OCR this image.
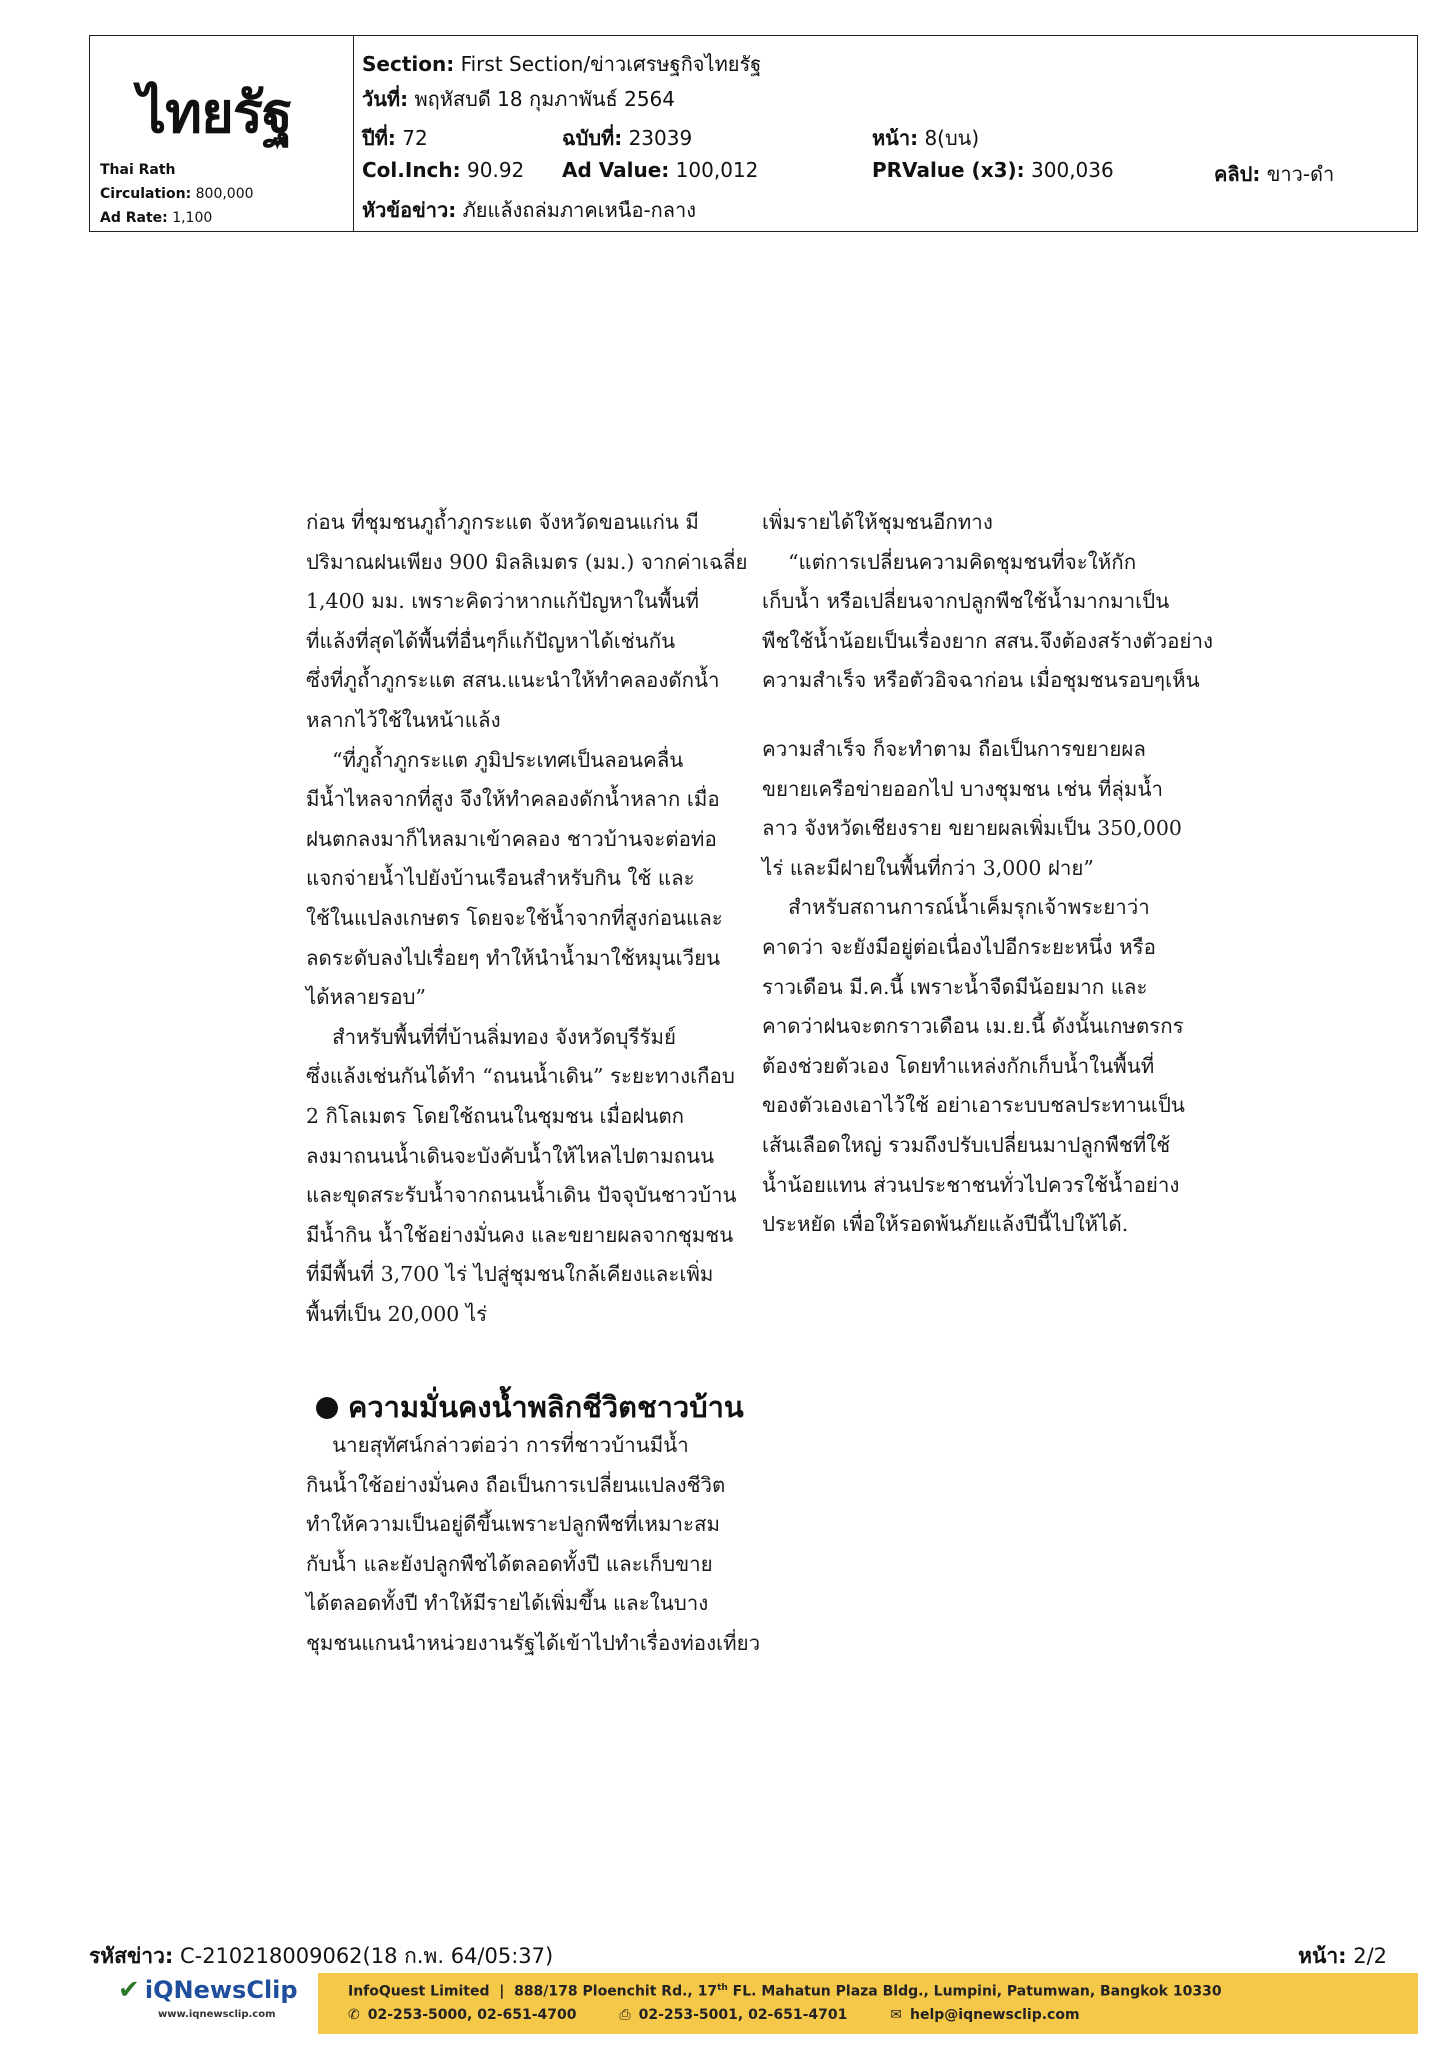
ไทยรัฐ
Thai Rath
Circulation: 800,000
Ad Rate: 1,100
Section: First Section/ข่าวเศรษฐกิจไทยรัฐ
วันที่: พฤหัสบดี 18 กุมภาพันธ์ 2564
ปีที่: 72	ฉบับที่: 23039	หน้า: 8(บน)
Col.Inch: 90.92 Ad Value: 100,012	PRValue (x3): 300,036	คลิป: ขาว-ดำ
หัวข้อข่าว: ภัยแล้งถล่มภาคเหนือ-กลาง
ก่อน ที่ชุมชนภูถ้ำภูกระแต จังหวัดขอนแก่น มี
ปริมาณฝนเพียง 900 มิลลิเมตร (มม.) จากค่าเฉลี่ย
1,400 มม. เพราะคิดว่าหากแก้ปัญหาในพื้นที่
ที่แล้งที่สุดได้พื้นที่อื่นๆก็แก้ปัญหาได้เช่นกัน
ซึ่งที่ภูถ้ำภูกระแต สสน.แนะนำให้ทำคลองดักน้ำ
หลากไว้ใช้ในหน้าแล้ง
“ที่ภูถ้ำภูกระแต ภูมิประเทศเป็นลอนคลื่น
มีน้ำไหลจากที่สูง จึงให้ทำคลองดักน้ำหลาก เมื่อ
ฝนตกลงมาก็ไหลมาเข้าคลอง ชาวบ้านจะต่อท่อ
แจกจ่ายน้ำไปยังบ้านเรือนสำหรับกิน ใช้ และ
ใช้ในแปลงเกษตร โดยจะใช้น้ำจากที่สูงก่อนและ
ลดระดับลงไปเรื่อยๆ ทำให้นำน้ำมาใช้หมุนเวียน
ได้หลายรอบ”
สำหรับพื้นที่ที่บ้านลิ่มทอง จังหวัดบุรีรัมย์
ซึ่งแล้งเช่นกันได้ทำ “ถนนน้ำเดิน” ระยะทางเกือบ
2 กิโลเมตร โดยใช้ถนนในชุมชน เมื่อฝนตก
ลงมาถนนน้ำเดินจะบังคับน้ำให้ไหลไปตามถนน
และขุดสระรับน้ำจากถนนน้ำเดิน ปัจจุบันชาวบ้าน
มีน้ำกิน น้ำใช้อย่างมั่นคง และขยายผลจากชุมชน
ที่มีพื้นที่ 3,700 ไร่ ไปสู่ชุมชนใกล้เคียงและเพิ่ม
พื้นที่เป็น 20,000 ไร่
ความมั่นคงน้ำพลิกชีวิตชาวบ้าน
นายสุทัศน์กล่าวต่อว่า การที่ชาวบ้านมีน้ำ
กินน้ำใช้อย่างมั่นคง ถือเป็นการเปลี่ยนแปลงชีวิต
ทำให้ความเป็นอยู่ดีขึ้นเพราะปลูกพืชที่เหมาะสม
กับน้ำ และยังปลูกพืชได้ตลอดทั้งปี และเก็บขาย
ได้ตลอดทั้งปี ทำให้มีรายได้เพิ่มขึ้น และในบาง
ชุมชนแกนนำหน่วยงานรัฐได้เข้าไปทำเรื่องท่องเที่ยว
เพิ่มรายได้ให้ชุมชนอีกทาง
“แต่การเปลี่ยนความคิดชุมชนที่จะให้กัก
เก็บน้ำ หรือเปลี่ยนจากปลูกพืชใช้น้ำมากมาเป็น
พืชใช้น้ำน้อยเป็นเรื่องยาก สสน.จึงต้องสร้างตัวอย่าง
ความสำเร็จ หรือตัวอิจฉาก่อน เมื่อชุมชนรอบๆเห็น
ความสำเร็จ ก็จะทำตาม ถือเป็นการขยายผล
ขยายเครือข่ายออกไป บางชุมชน เช่น ที่ลุ่มน้ำ
ลาว จังหวัดเชียงราย ขยายผลเพิ่มเป็น 350,000
ไร่ และมีฝายในพื้นที่กว่า 3,000 ฝาย”
สำหรับสถานการณ์น้ำเค็มรุกเจ้าพระยาว่า
คาดว่า จะยังมีอยู่ต่อเนื่องไปอีกระยะหนึ่ง หรือ
ราวเดือน มี.ค.นี้ เพราะน้ำจืดมีน้อยมาก และ
คาดว่าฝนจะตกราวเดือน เม.ย.นี้ ดังนั้นเกษตรกร
ต้องช่วยตัวเอง โดยทำแหล่งกักเก็บน้ำในพื้นที่
ของตัวเองเอาไว้ใช้ อย่าเอาระบบชลประทานเป็น
เส้นเลือดใหญ่ รวมถึงปรับเปลี่ยนมาปลูกพืชที่ใช้
น้ำน้อยแทน ส่วนประชาชนทั่วไปควรใช้น้ำอย่าง
ประหยัด เพื่อให้รอดพ้นภัยแล้งปีนี้ไปให้ได้.
รหัสข่าว: C-210218009062(18 ก.พ. 64/05:37)	หน้า: 2/2
✔ iQNewsClip
www.iqnewsclip.com
InfoQuest Limited  |  888/178 Ploenchit Rd., 17th FL. Mahatun Plaza Bldg., Lumpini, Patumwan, Bangkok 10330
✆ 02-253-5000, 02-651-4700	⎙ 02-253-5001, 02-651-4701	✉ help@iqnewsclip.com
